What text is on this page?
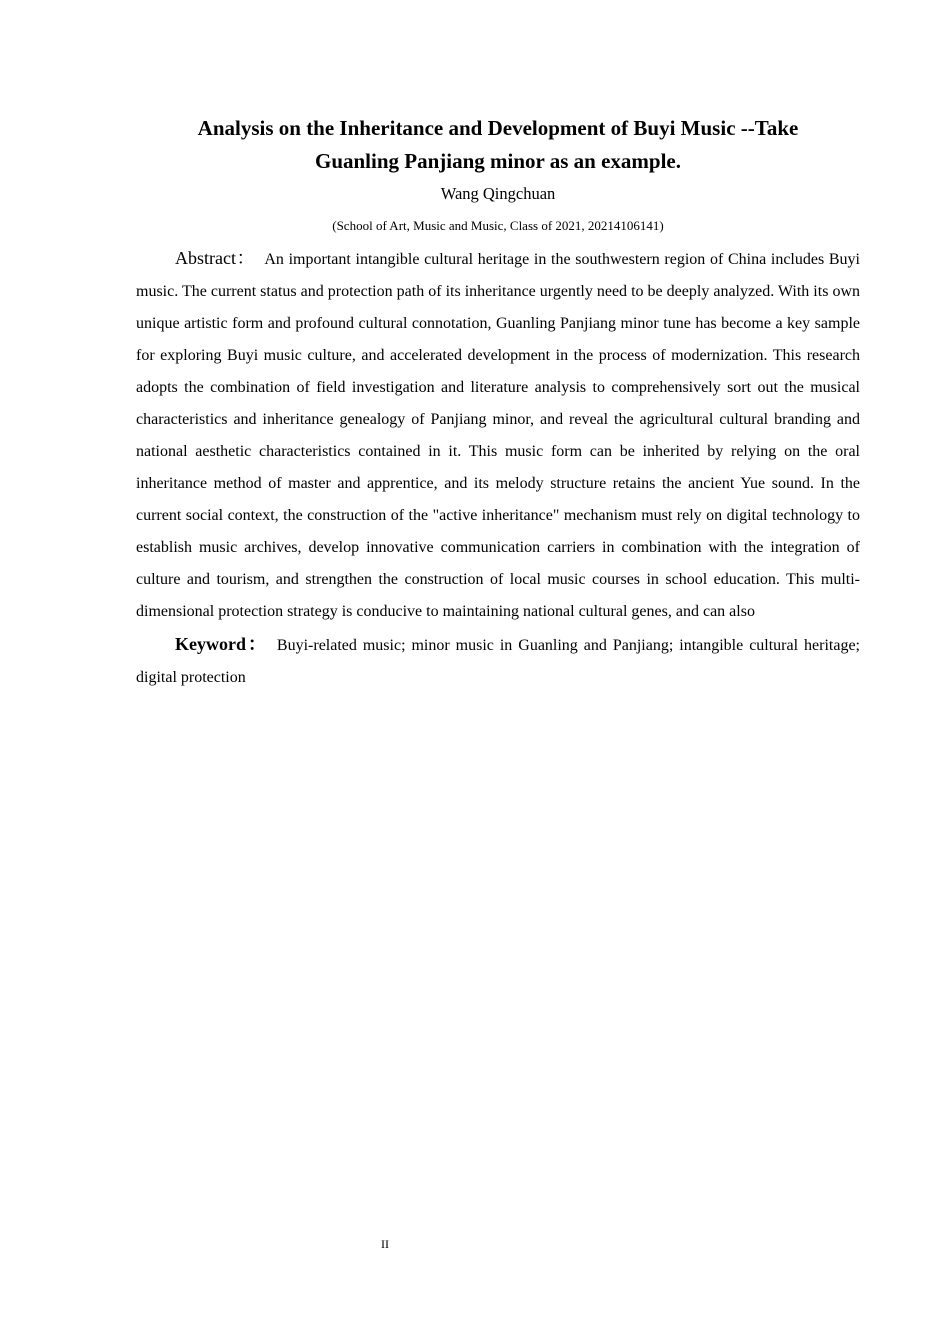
Analysis on the Inheritance and Development of Buyi Music --Take
Guanling Panjiang minor as an example.
Wang Qingchuan
(School of Art, Music and Music, Class of 2021, 20214106141)

Abstract： An important intangible cultural heritage in the southwestern region of China includes Buyi music. The current status and protection path of its inheritance urgently need to be deeply analyzed. With its own unique artistic form and profound cultural connotation, Guanling Panjiang minor tune has become a key sample for exploring Buyi music culture, and accelerated development in the process of modernization. This research adopts the combination of field investigation and literature analysis to comprehensively sort out the musical characteristics and inheritance genealogy of Panjiang minor, and reveal the agricultural cultural branding and national aesthetic characteristics contained in it. This music form can be inherited by relying on the oral inheritance method of master and apprentice, and its melody structure retains the ancient Yue sound. In the current social context, the construction of the "active inheritance" mechanism must rely on digital technology to establish music archives, develop innovative communication carriers in combination with the integration of culture and tourism, and strengthen the construction of local music courses in school education. This multi-dimensional protection strategy is conducive to maintaining national cultural genes, and can also

Keyword： Buyi-related music; minor music in Guanling and Panjiang; intangible cultural heritage; digital protection

II
